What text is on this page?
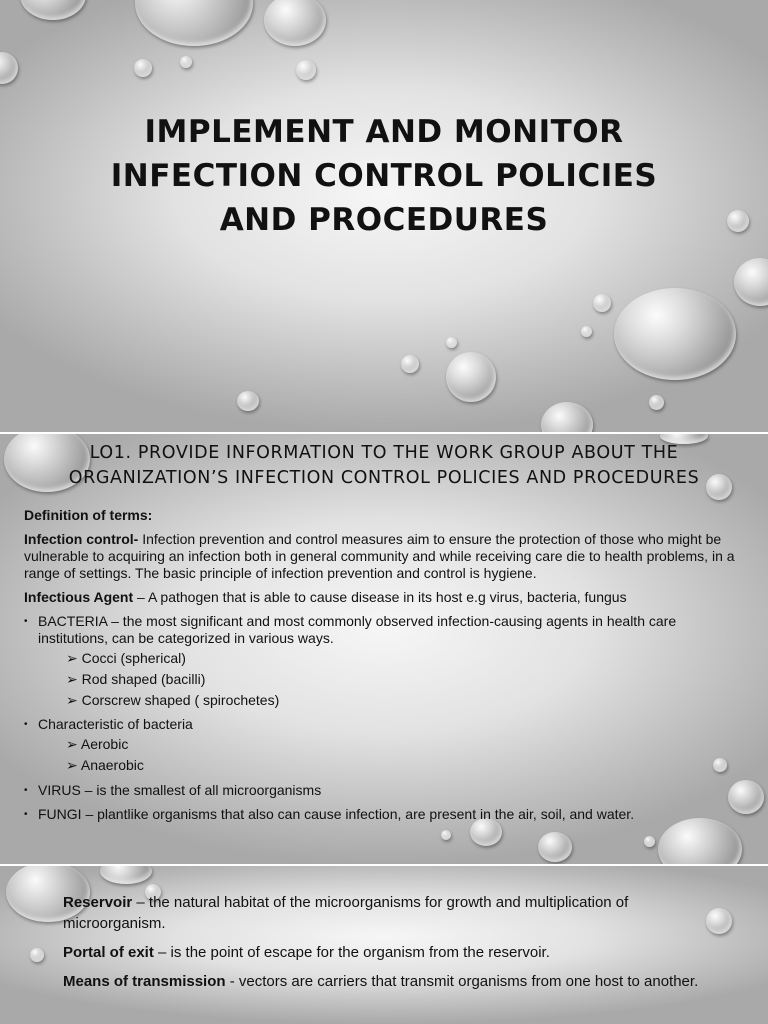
IMPLEMENT AND MONITOR
INFECTION CONTROL POLICIES
AND PROCEDURES
LO1. PROVIDE INFORMATION TO THE WORK GROUP ABOUT THE
ORGANIZATION’S INFECTION CONTROL POLICIES AND PROCEDURES

Definition of terms:

Infection control- Infection prevention and control measures aim to ensure the protection of those who might be vulnerable to acquiring an infection both in general community and while receiving care die to health problems, in a range of settings. The basic principle of infection prevention and control is hygiene.

Infectious Agent – A pathogen that is able to cause disease in its host e.g virus, bacteria, fungus

• BACTERIA – the most significant and most commonly observed infection-causing agents in health care institutions, can be categorized in various ways.
➢ Cocci (spherical)
➢ Rod shaped (bacilli)
➢ Corscrew shaped ( spirochetes)
• Characteristic of bacteria
➢ Aerobic
➢ Anaerobic
• VIRUS – is the smallest of all microorganisms
• FUNGI – plantlike organisms that also can cause infection, are present in the air, soil, and water.

Reservoir – the natural habitat of the microorganisms for growth and multiplication of microorganism.

Portal of exit – is the point of escape for the organism from the reservoir.

Means of transmission - vectors are carriers that transmit organisms from one host to another.
